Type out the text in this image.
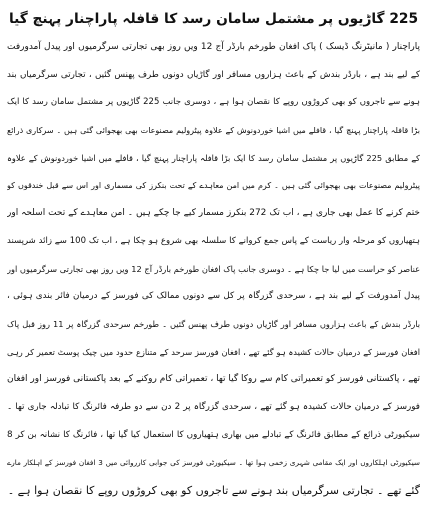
225 گاڑیوں پر مشتمل سامان رسد کا قافلہ پاراچنار پہنچ گیا
پاراچنار ( مانیٹرنگ ڈیسک ) پاک افغان طورخم بارڈر آج 12 ویں روز بھی تجارتی سرگرمیوں اور پیدل آمدورفت
کے لیے بند ہے ، بارڈر بندش کے باعث ہزاروں مسافر اور گاڑیاں دونوں طرف پھنس گئیں ، تجارتی سرگرمیاں بند
ہونے سے تاجروں کو بھی کروڑوں روپے کا نقصان ہوا ہے ، دوسری جانب 225 گاڑیوں پر مشتمل سامان رسد کا ایک
بڑا قافلہ پاراچنار پہنچ گیا ، قافلے میں اشیا خوردونوش کے علاوہ پیٹرولیم مصنوعات بھی بھجوائی گئی ہیں ۔ سرکاری ذرائع
کے مطابق 225 گاڑیوں پر مشتمل سامان رسد کا ایک بڑا قافلہ پاراچنار پہنچ گیا ، قافلے میں اشیا خوردونوش کے علاوہ
پیٹرولیم مصنوعات بھی بھجوائی گئی ہیں ۔ کرم میں امن معاہدے کے تحت بنکرز کی مسماری اور اس سے قبل خندقوں کو
ختم کرنے کا عمل بھی جاری ہے ، اب تک 272 بنکرز مسمار کیے جا چکے ہیں ۔ امن معاہدے کے تحت اسلحہ اور
ہتھیاروں کو مرحلہ وار ریاست کے پاس جمع کروانے کا سلسلہ بھی شروع ہو چکا ہے ، اب تک 100 سے زائد شرپسند
عناصر کو حراست میں لیا جا چکا ہے ۔ دوسری جانب پاک افغان طورخم بارڈر آج 12 ویں روز بھی تجارتی سرگرمیوں اور
پیدل آمدورفت کے لیے بند ہے ، سرحدی گزرگاہ پر کل سے دونوں ممالک کی فورسز کے درمیان فائر بندی ہوئی ،
بارڈر بندش کے باعث ہزاروں مسافر اور گاڑیاں دونوں طرف پھنس گئیں ۔ طورخم سرحدی گزرگاہ پر 11 روز قبل پاک
افغان فورسز کے درمیان حالات کشیدہ ہو گئے تھے ، افغان فورسز سرحد کے متنازع حدود میں چیک پوسٹ تعمیر کر رہی
تھے ، پاکستانی فورسز کو تعمیراتی کام سے روکا گیا تھا ، تعمیراتی کام روکنے کے بعد پاکستانی فورسز اور افغان
فورسز کے درمیان حالات کشیدہ ہو گئے تھے ، سرحدی گزرگاہ پر 2 دن سے دو طرفہ فائرنگ کا تبادلہ جاری تھا ۔
سیکیورٹی ذرائع کے مطابق فائرنگ کے تبادلے میں بھاری ہتھیاروں کا استعمال کیا گیا تھا ، فائرنگ کا نشانہ بن کر 8
سیکیورٹی اہلکاروں اور ایک مقامی شہری زخمی ہوا تھا ۔ سیکیورٹی فورسز کی جوابی کارروائی میں 3 افغان فورسز کے اہلکار مارے
گئے تھے ۔ تجارتی سرگرمیاں بند ہونے سے تاجروں کو بھی کروڑوں روپے کا نقصان ہوا ہے ۔
